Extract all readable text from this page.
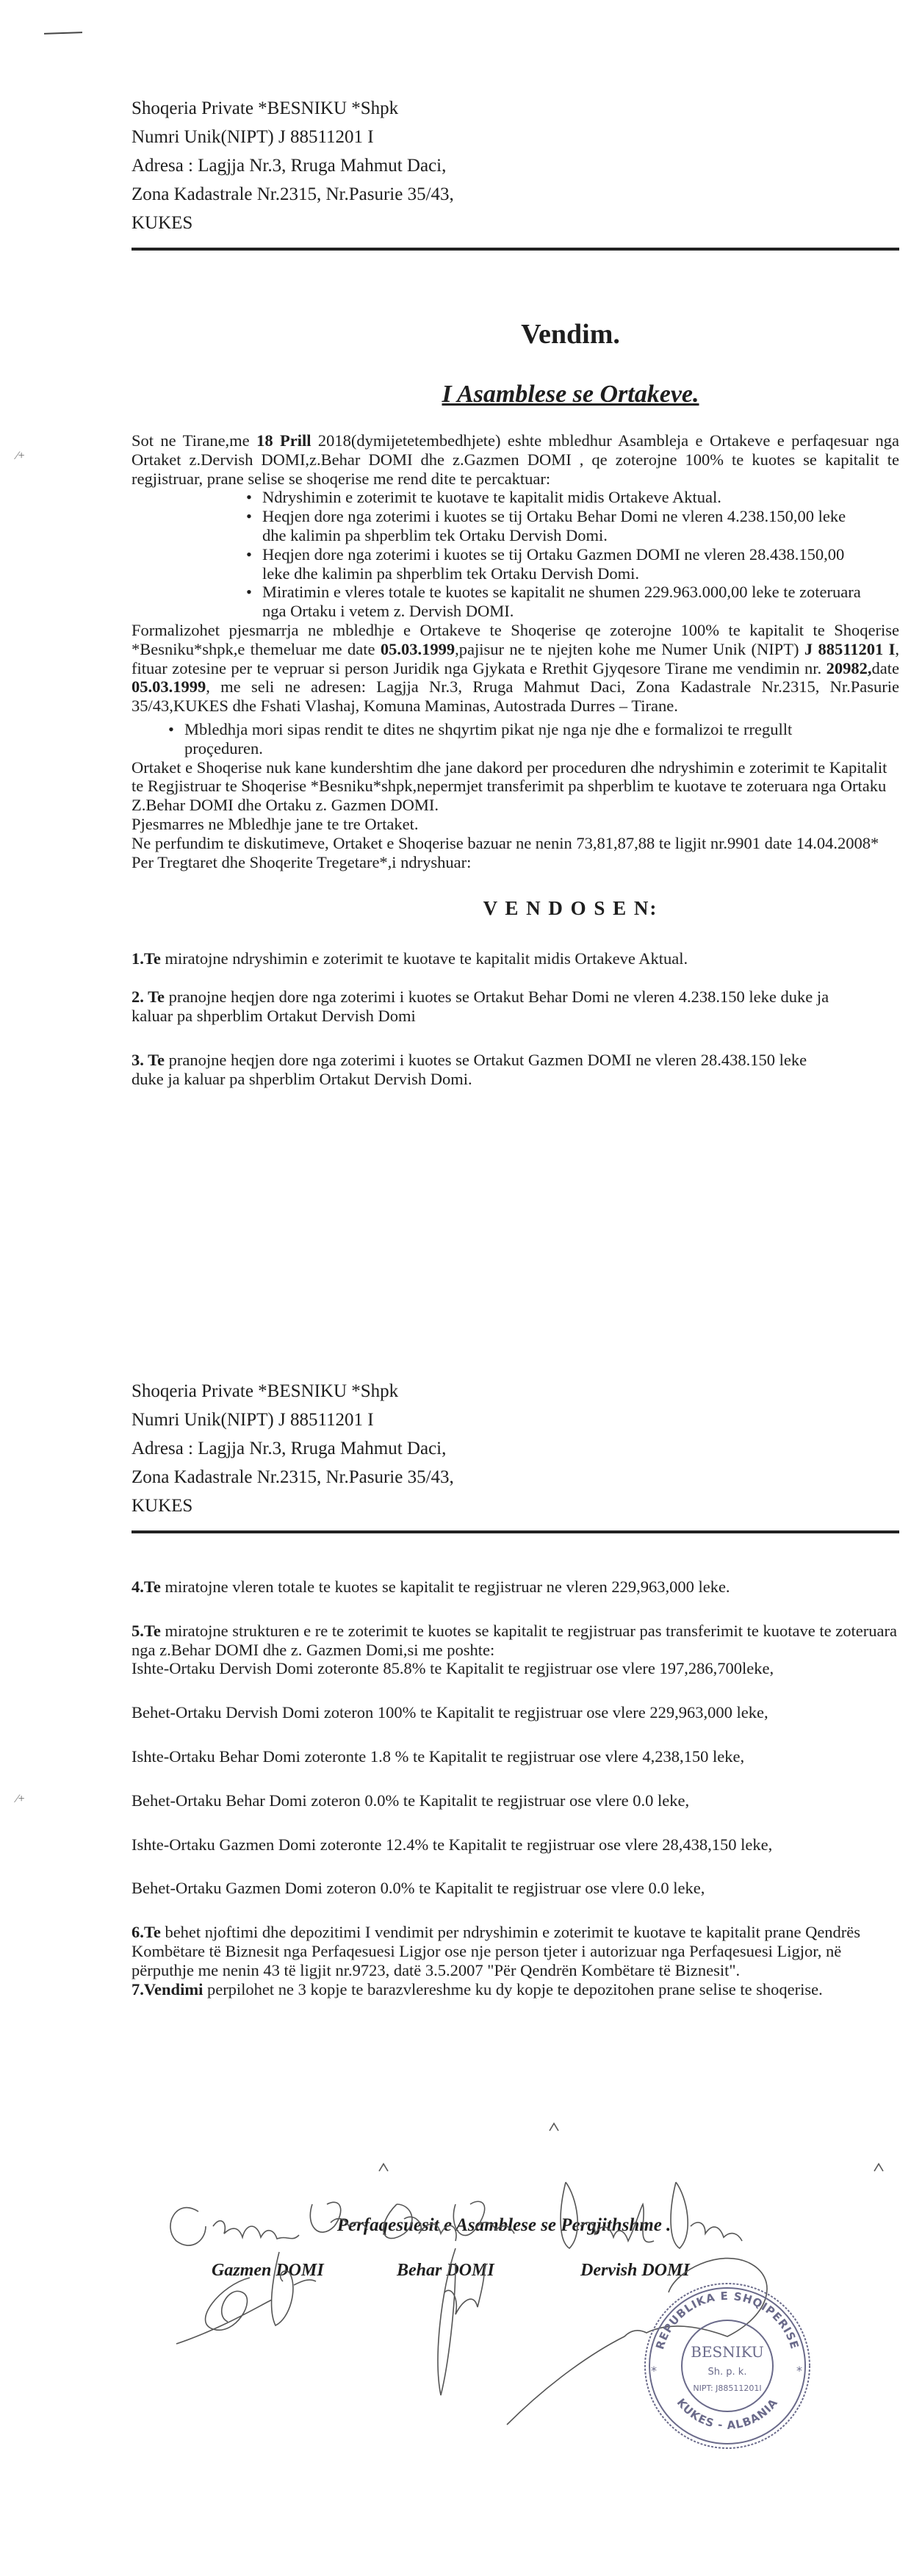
⁄+
⁄+
Shoqeria Private *BESNIKU *Shpk
Numri Unik(NIPT) J 88511201 I
Adresa : Lagjja Nr.3, Rruga Mahmut Daci,
Zona Kadastrale Nr.2315, Nr.Pasurie 35/43,
KUKES
Vendim.
I Asamblese se Ortakeve.
Sot ne Tirane,me 18 Prill 2018(dymijetetembedhjete) eshte mbledhur Asambleja e Ortakeve e perfaqesuar nga Ortaket z.Dervish DOMI,z.Behar DOMI dhe z.Gazmen DOMI , qe zoterojne 100% te kuotes se kapitalit te regjistruar, prane selise se shoqerise me rend dite te percaktuar:
• Ndryshimin e zoterimit te kuotave te kapitalit midis Ortakeve Aktual.
• Heqjen dore nga zoterimi i kuotes se tij Ortaku Behar Domi ne vleren 4.238.150,00 leke dhe kalimin pa shperblim tek Ortaku Dervish Domi.
• Heqjen dore nga zoterimi i kuotes se tij Ortaku Gazmen DOMI ne vleren 28.438.150,00 leke dhe kalimin pa shperblim tek Ortaku Dervish Domi.
• Miratimin e vleres totale te kuotes se kapitalit ne shumen 229.963.000,00 leke te zoteruara nga Ortaku i vetem z. Dervish DOMI.
Formalizohet pjesmarrja ne mbledhje e Ortakeve te Shoqerise qe zoterojne 100% te kapitalit te Shoqerise *Besniku*shpk,e themeluar me date 05.03.1999,pajisur ne te njejten kohe me Numer Unik (NIPT) J 88511201 I, fituar zotesine per te vepruar si person Juridik nga Gjykata e Rrethit Gjyqesore Tirane me vendimin nr. 20982,date 05.03.1999, me seli ne adresen: Lagjja Nr.3, Rruga Mahmut Daci, Zona Kadastrale Nr.2315, Nr.Pasurie 35/43,KUKES dhe Fshati Vlashaj, Komuna Maminas, Autostrada Durres – Tirane.
• Mbledhja mori sipas rendit te dites ne shqyrtim pikat nje nga nje dhe e formalizoi te rregullt proçeduren.
Ortaket e Shoqerise nuk kane kundershtim dhe jane dakord per proceduren dhe ndryshimin e zoterimit te Kapitalit te Regjistruar te Shoqerise *Besniku*shpk,nepermjet transferimit pa shperblim te kuotave te zoteruara nga Ortaku Z.Behar DOMI dhe Ortaku z. Gazmen DOMI.
Pjesmarres ne Mbledhje jane te tre Ortaket.
Ne perfundim te diskutimeve, Ortaket e Shoqerise bazuar ne nenin 73,81,87,88 te ligjit nr.9901 date 14.04.2008* Per Tregtaret dhe Shoqerite Tregetare*,i ndryshuar:
V E N D O S E N:
1.Te miratojne ndryshimin e zoterimit te kuotave te kapitalit midis Ortakeve Aktual.
2. Te pranojne heqjen dore nga zoterimi i kuotes se Ortakut Behar Domi ne vleren 4.238.150 leke duke ja kaluar pa shperblim Ortakut Dervish Domi
3. Te pranojne heqjen dore nga zoterimi i kuotes se Ortakut Gazmen DOMI ne vleren 28.438.150 leke duke ja kaluar pa shperblim Ortakut Dervish Domi.
Shoqeria Private *BESNIKU *Shpk
Numri Unik(NIPT) J 88511201 I
Adresa : Lagjja Nr.3, Rruga Mahmut Daci,
Zona Kadastrale Nr.2315, Nr.Pasurie 35/43,
KUKES
4.Te miratojne vleren totale te kuotes se kapitalit te regjistruar ne vleren 229,963,000 leke.
5.Te miratojne strukturen e re te zoterimit te kuotes se kapitalit te regjistruar pas transferimit te kuotave te zoteruara nga z.Behar DOMI dhe z. Gazmen Domi,si me poshte:
Ishte-Ortaku Dervish Domi zoteronte 85.8% te Kapitalit te regjistruar ose vlere 197,286,700leke,
Behet-Ortaku Dervish Domi zoteron 100% te Kapitalit te regjistruar ose vlere 229,963,000 leke,
Ishte-Ortaku Behar Domi zoteronte 1.8 % te Kapitalit te regjistruar ose vlere 4,238,150 leke,
Behet-Ortaku Behar Domi zoteron 0.0% te Kapitalit te regjistruar ose vlere 0.0 leke,
Ishte-Ortaku Gazmen Domi zoteronte 12.4% te Kapitalit te regjistruar ose vlere 28,438,150 leke,
Behet-Ortaku Gazmen Domi zoteron 0.0% te Kapitalit te regjistruar ose vlere 0.0 leke,
6.Te behet njoftimi dhe depozitimi I vendimit per ndryshimin e zoterimit te kuotave te kapitalit prane Qendrës Kombëtare të Biznesit nga Perfaqesuesi Ligjor ose nje person tjeter i autorizuar nga Perfaqesuesi Ligjor, në përputhje me nenin 43 të ligjit nr.9723, datë 3.5.2007 "Për Qendrën Kombëtare të Biznesit".
7.Vendimi perpilohet ne 3 kopje te barazvlereshme ku dy kopje te depozitohen prane selise te shoqerise.
Perfaqesuesit e Asamblese se Pergjithshme .
Gazmen DOMI	Behar DOMI	Dervish DOMI
REPUBLIKA E SHQIPERISE
KUKES - ALBANIA
BESNIKU
Sh. p. k.
NIPT: J88511201I
*	*
